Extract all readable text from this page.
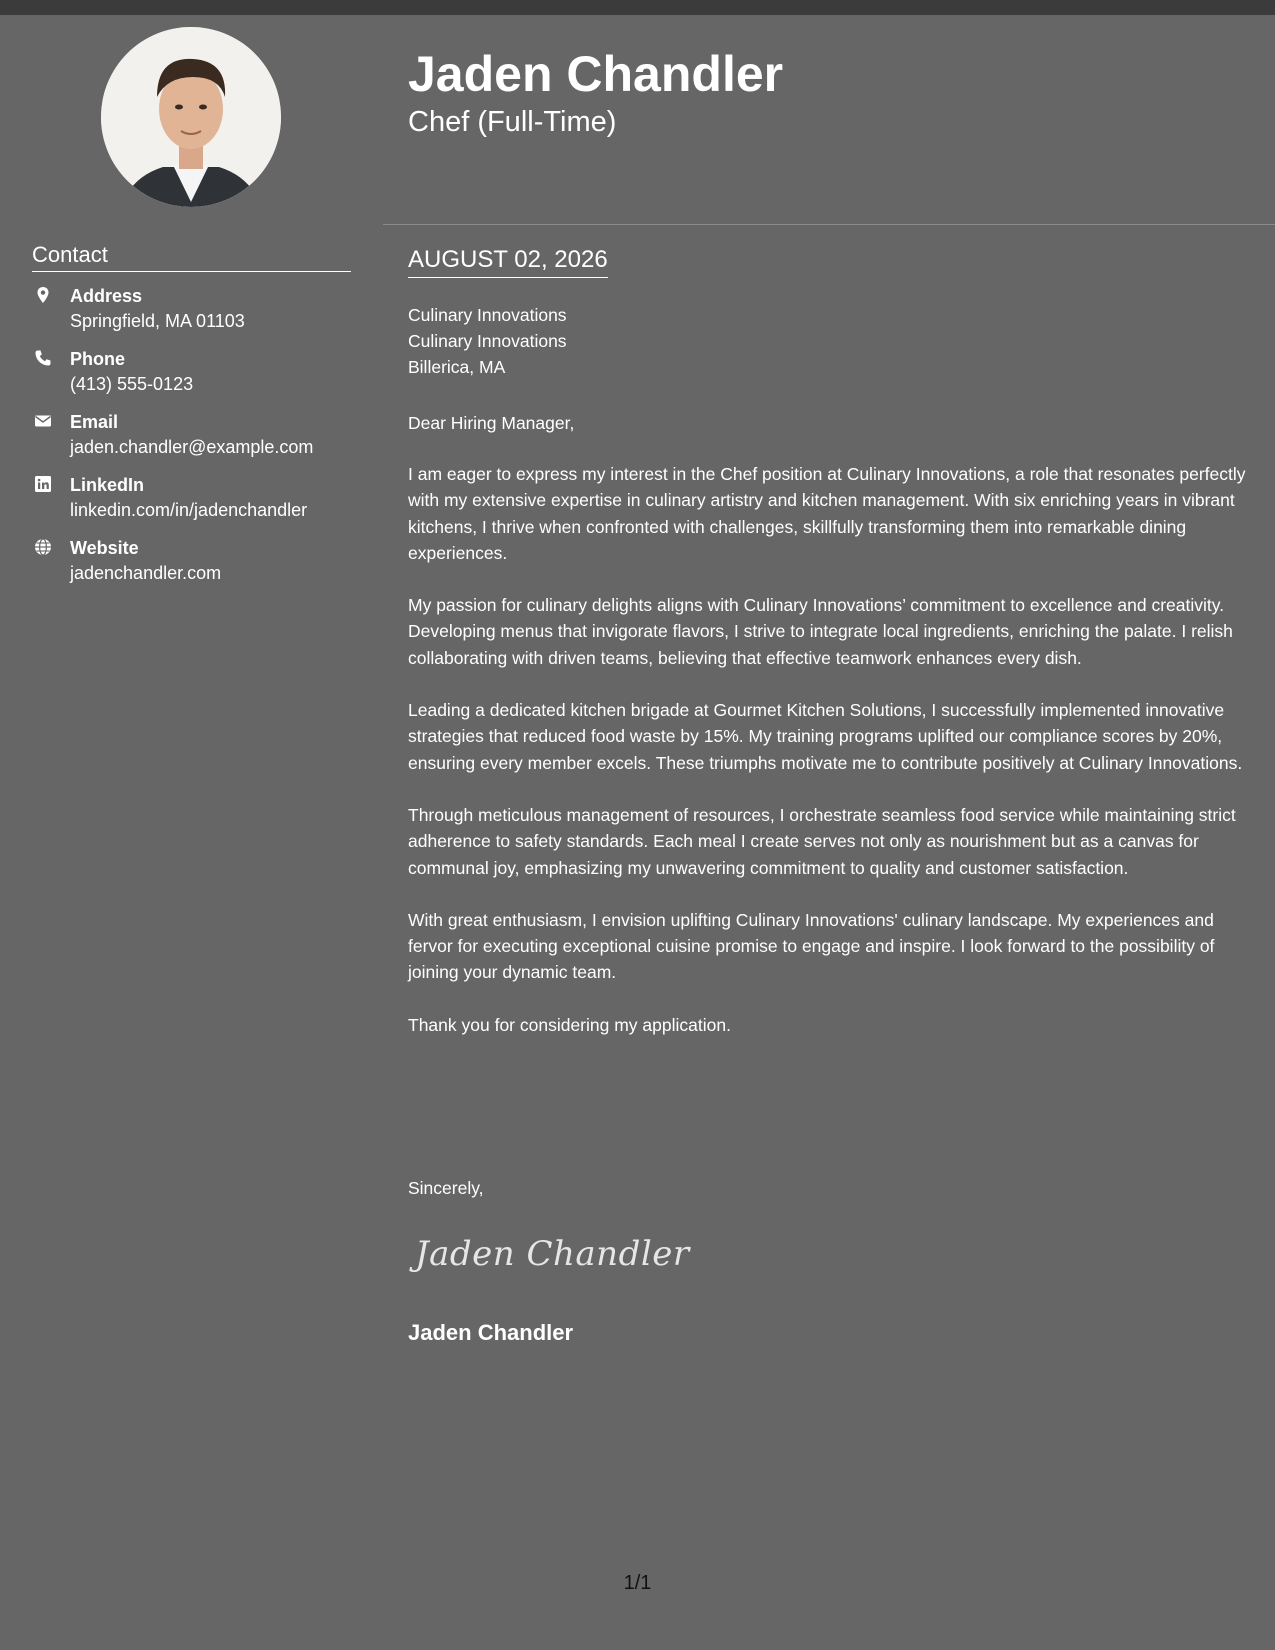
Jaden Chandler
Chef (Full-Time)
Contact
Address
Springfield, MA 01103
Phone
(413) 555-0123
Email
jaden.chandler@example.com
LinkedIn
linkedin.com/in/jadenchandler
Website
jadenchandler.com
AUGUST 02, 2026
Culinary Innovations
Culinary Innovations
Billerica, MA
Dear Hiring Manager,

I am eager to express my interest in the Chef position at Culinary Innovations, a role that resonates perfectly with my extensive expertise in culinary artistry and kitchen management. With six enriching years in vibrant kitchens, I thrive when confronted with challenges, skillfully transforming them into remarkable dining experiences.

My passion for culinary delights aligns with Culinary Innovations’ commitment to excellence and creativity. Developing menus that invigorate flavors, I strive to integrate local ingredients, enriching the palate. I relish collaborating with driven teams, believing that effective teamwork enhances every dish.

Leading a dedicated kitchen brigade at Gourmet Kitchen Solutions, I successfully implemented innovative strategies that reduced food waste by 15%. My training programs uplifted our compliance scores by 20%, ensuring every member excels. These triumphs motivate me to contribute positively at Culinary Innovations.

Through meticulous management of resources, I orchestrate seamless food service while maintaining strict adherence to safety standards. Each meal I create serves not only as nourishment but as a canvas for communal joy, emphasizing my unwavering commitment to quality and customer satisfaction.

With great enthusiasm, I envision uplifting Culinary Innovations' culinary landscape. My experiences and fervor for executing exceptional cuisine promise to engage and inspire. I look forward to the possibility of joining your dynamic team.

Thank you for considering my application.

Sincerely,
Jaden Chandler
Jaden Chandler
1/1
